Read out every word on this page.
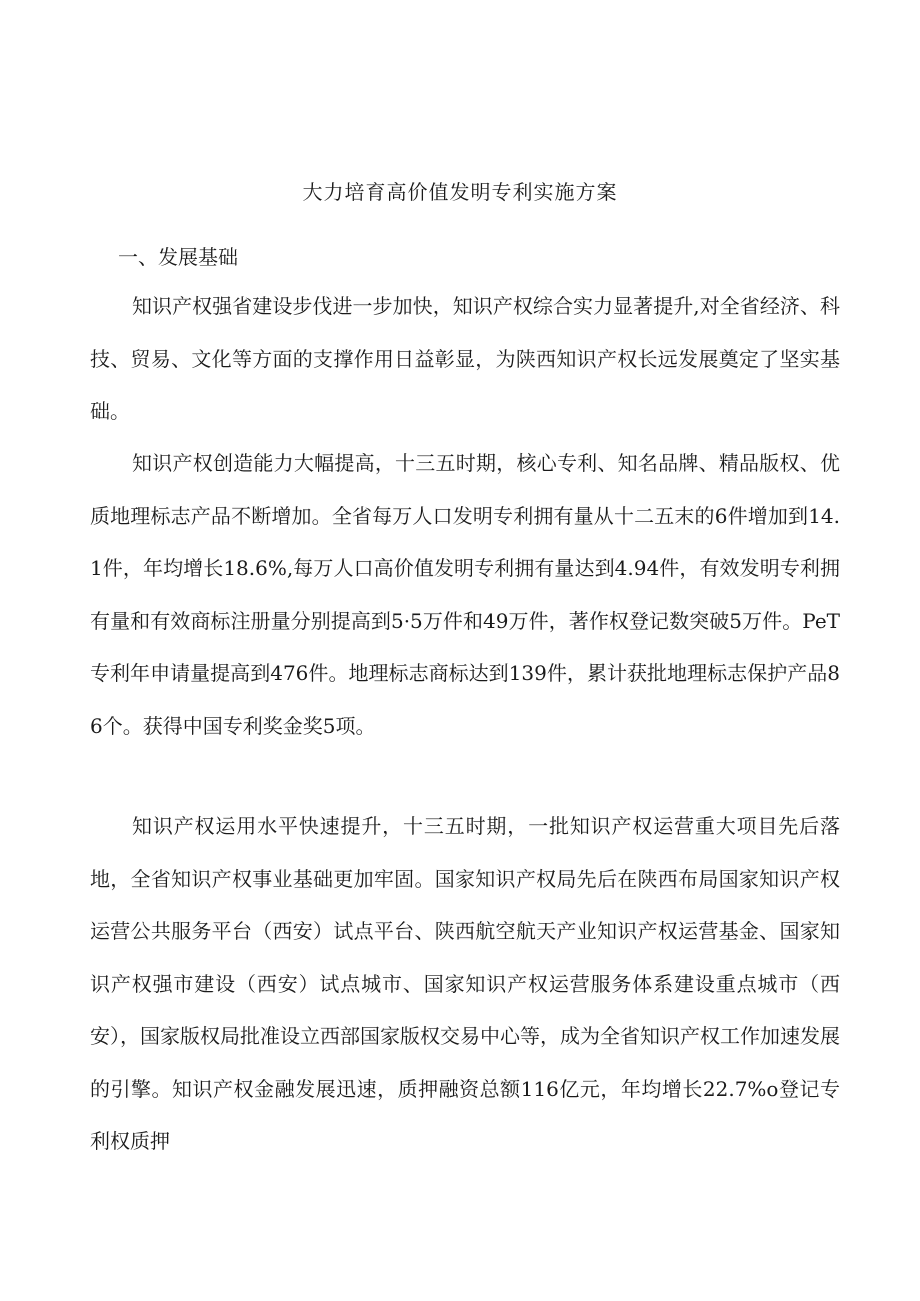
大力培育高价值发明专利实施方案
一、发展基础

知识产权强省建设步伐进一步加快，知识产权综合实力显著提升,对全省经济、科技、贸易、文化等方面的支撑作用日益彰显，为陕西知识产权长远发展奠定了坚实基础。

知识产权创造能力大幅提高，十三五时期，核心专利、知名品牌、精品版权、优质地理标志产品不断增加。全省每万人口发明专利拥有量从十二五末的6件增加到14.1件，年均增长18.6%,每万人口高价值发明专利拥有量达到4.94件，有效发明专利拥有量和有效商标注册量分别提高到5·5万件和49万件，著作权登记数突破5万件。PeT专利年申请量提高到476件。地理标志商标达到139件，累计获批地理标志保护产品86个。获得中国专利奖金奖5项。

知识产权运用水平快速提升，十三五时期，一批知识产权运营重大项目先后落地，全省知识产权事业基础更加牢固。国家知识产权局先后在陕西布局国家知识产权运营公共服务平台（西安）试点平台、陕西航空航天产业知识产权运营基金、国家知识产权强市建设（西安）试点城市、国家知识产权运营服务体系建设重点城市（西安），国家版权局批准设立西部国家版权交易中心等，成为全省知识产权工作加速发展的引擎。知识产权金融发展迅速，质押融资总额116亿元，年均增长22.7%o登记专利权质押
